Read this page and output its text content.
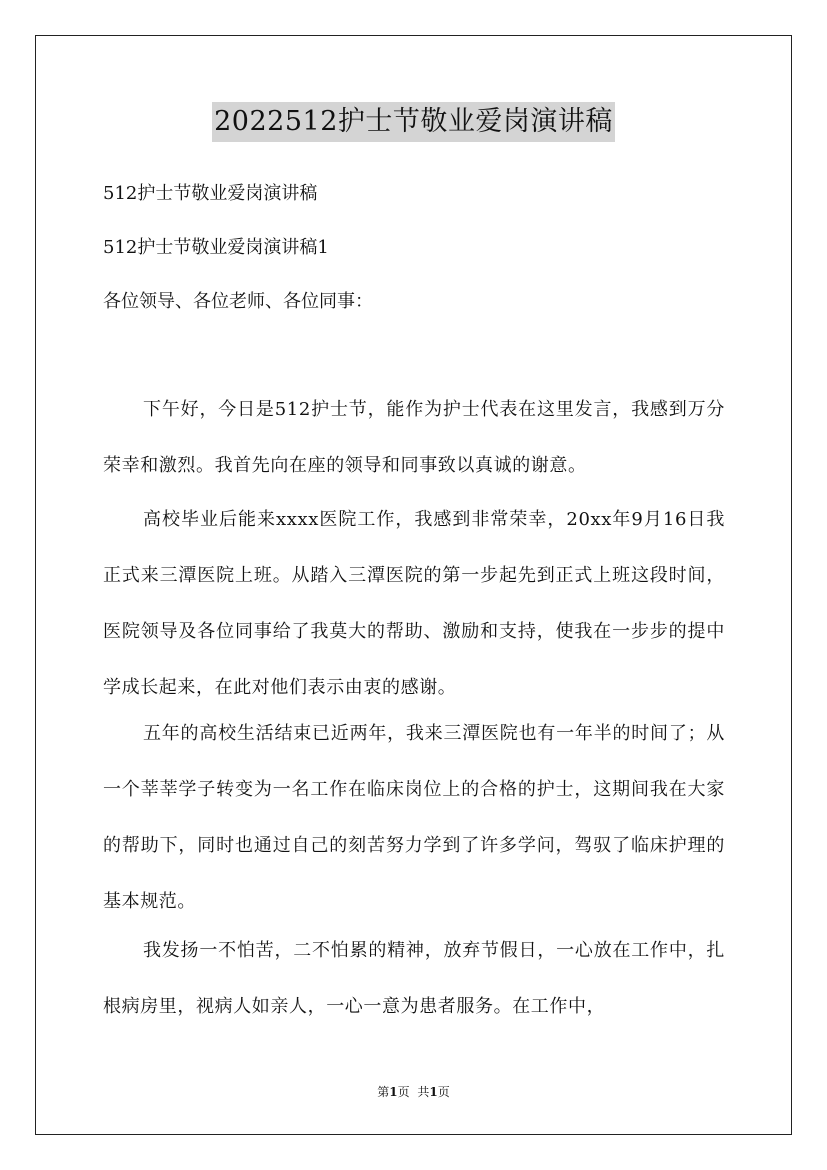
2022512护士节敬业爱岗演讲稿
512护士节敬业爱岗演讲稿
512护士节敬业爱岗演讲稿1
各位领导、各位老师、各位同事：

下午好，今日是512护士节，能作为护士代表在这里发言，我感到万分荣幸和激烈。我首先向在座的领导和同事致以真诚的谢意。

高校毕业后能来xxxx医院工作，我感到非常荣幸，20xx年9月16日我正式来三潭医院上班。从踏入三潭医院的第一步起先到正式上班这段时间，医院领导及各位同事给了我莫大的帮助、激励和支持，使我在一步步的提中学成长起来，在此对他们表示由衷的感谢。

五年的高校生活结束已近两年，我来三潭医院也有一年半的时间了；从一个莘莘学子转变为一名工作在临床岗位上的合格的护士，这期间我在大家的帮助下，同时也通过自己的刻苦努力学到了许多学问，驾驭了临床护理的基本规范。

我发扬一不怕苦，二不怕累的精神，放弃节假日，一心放在工作中，扎根病房里，视病人如亲人，一心一意为患者服务。在工作中，

第1页 共1页
